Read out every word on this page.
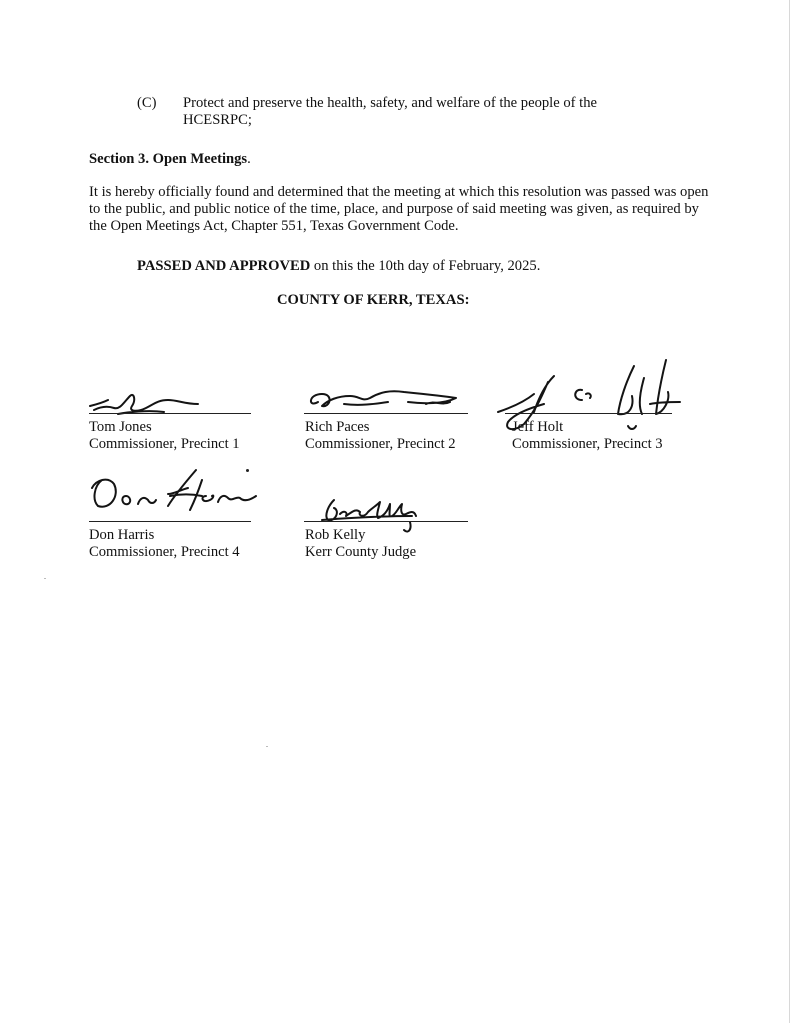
(C) Protect and preserve the health, safety, and welfare of the people of the HCESRPC;
Section 3. Open Meetings.
It is hereby officially found and determined that the meeting at which this resolution was passed was open to the public, and public notice of the time, place, and purpose of said meeting was given, as required by the Open Meetings Act, Chapter 551, Texas Government Code.
PASSED AND APPROVED on this the 10th day of February, 2025.
COUNTY OF KERR, TEXAS:
Tom Jones
Commissioner, Precinct 1
Rich Paces
Commissioner, Precinct 2
Jeff Holt
Commissioner, Precinct 3
Don Harris
Commissioner, Precinct 4
Rob Kelly
Kerr County Judge
